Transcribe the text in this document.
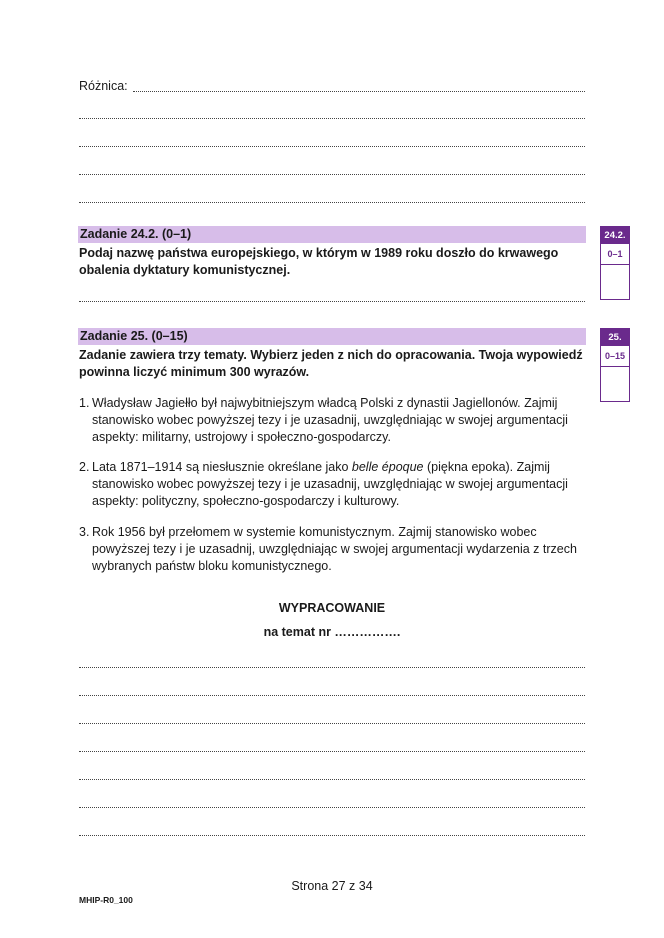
Różnica:
Zadanie 24.2. (0–1)
Podaj nazwę państwa europejskiego, w którym w 1989 roku doszło do krwawego obalenia dyktatury komunistycznej.
24.2.
0–1
Zadanie 25. (0–15)
Zadanie zawiera trzy tematy. Wybierz jeden z nich do opracowania. Twoja wypowiedź powinna liczyć minimum 300 wyrazów.
25.
0–15
1. Władysław Jagiełło był najwybitniejszym władcą Polski z dynastii Jagiellonów. Zajmij stanowisko wobec powyższej tezy i je uzasadnij, uwzględniając w swojej argumentacji aspekty: militarny, ustrojowy i społeczno-gospodarczy.
2. Lata 1871–1914 są niesłusznie określane jako belle époque (piękna epoka). Zajmij stanowisko wobec powyższej tezy i je uzasadnij, uwzględniając w swojej argumentacji aspekty: polityczny, społeczno-gospodarczy i kulturowy.
3. Rok 1956 był przełomem w systemie komunistycznym. Zajmij stanowisko wobec powyższej tezy i je uzasadnij, uwzględniając w swojej argumentacji wydarzenia z trzech wybranych państw bloku komunistycznego.
WYPRACOWANIE
na temat nr …………….
Strona 27 z 34
MHIP-R0_100
